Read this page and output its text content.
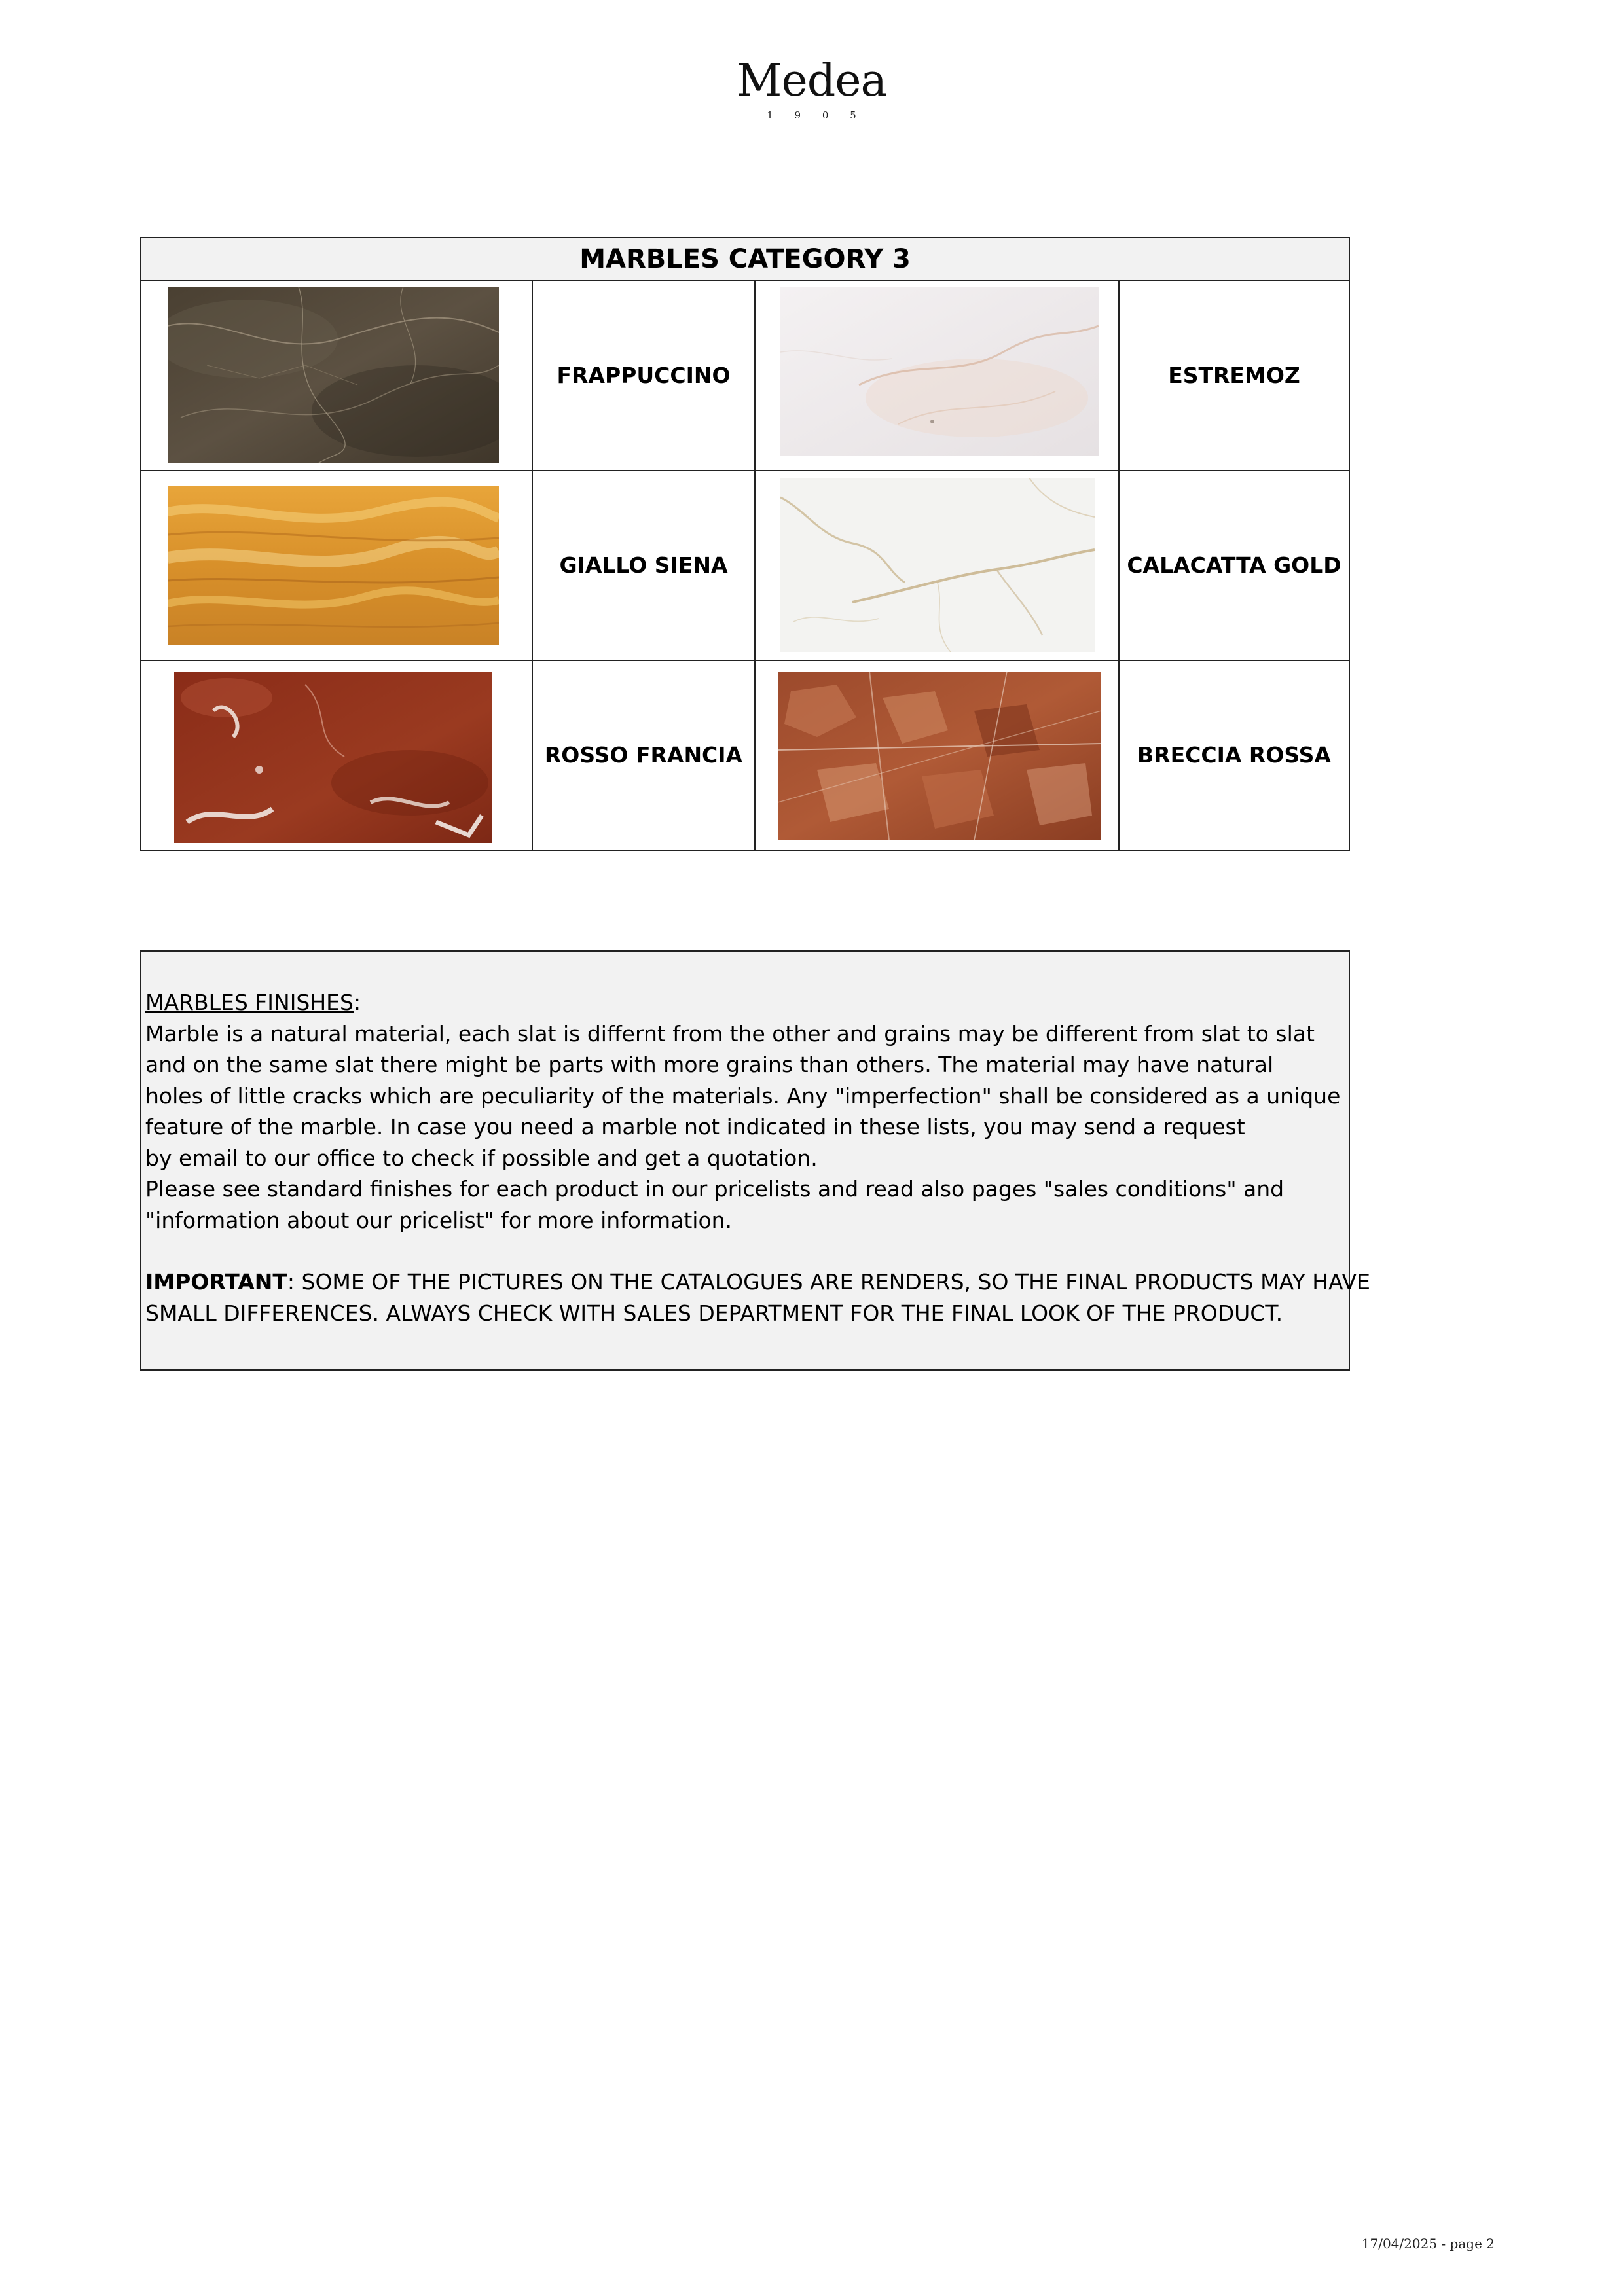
Medea
1 9 0 5
MARBLES CATEGORY 3
FRAPPUCCINO	ESTREMOZ
GIALLO SIENA	CALACATTA GOLD
ROSSO FRANCIA	BRECCIA ROSSA
MARBLES FINISHES:
Marble is a natural material, each slat is differnt from the other and grains may be different from slat to slat
and on the same slat there might be parts with more grains than others. The material may have natural
holes of little cracks which are peculiarity of the materials. Any "imperfection" shall be considered as a unique
feature of the marble. In case you need a marble not indicated in these lists, you may send a request
by email to our office to check if possible and get a quotation.
Please see standard finishes for each product in our pricelists and read also pages "sales conditions" and
"information about our pricelist" for more information.
IMPORTANT: SOME OF THE PICTURES ON THE CATALOGUES ARE RENDERS, SO THE FINAL PRODUCTS MAY HAVE
SMALL DIFFERENCES. ALWAYS CHECK WITH SALES DEPARTMENT FOR THE FINAL LOOK OF THE PRODUCT.
17/04/2025 - page 2
